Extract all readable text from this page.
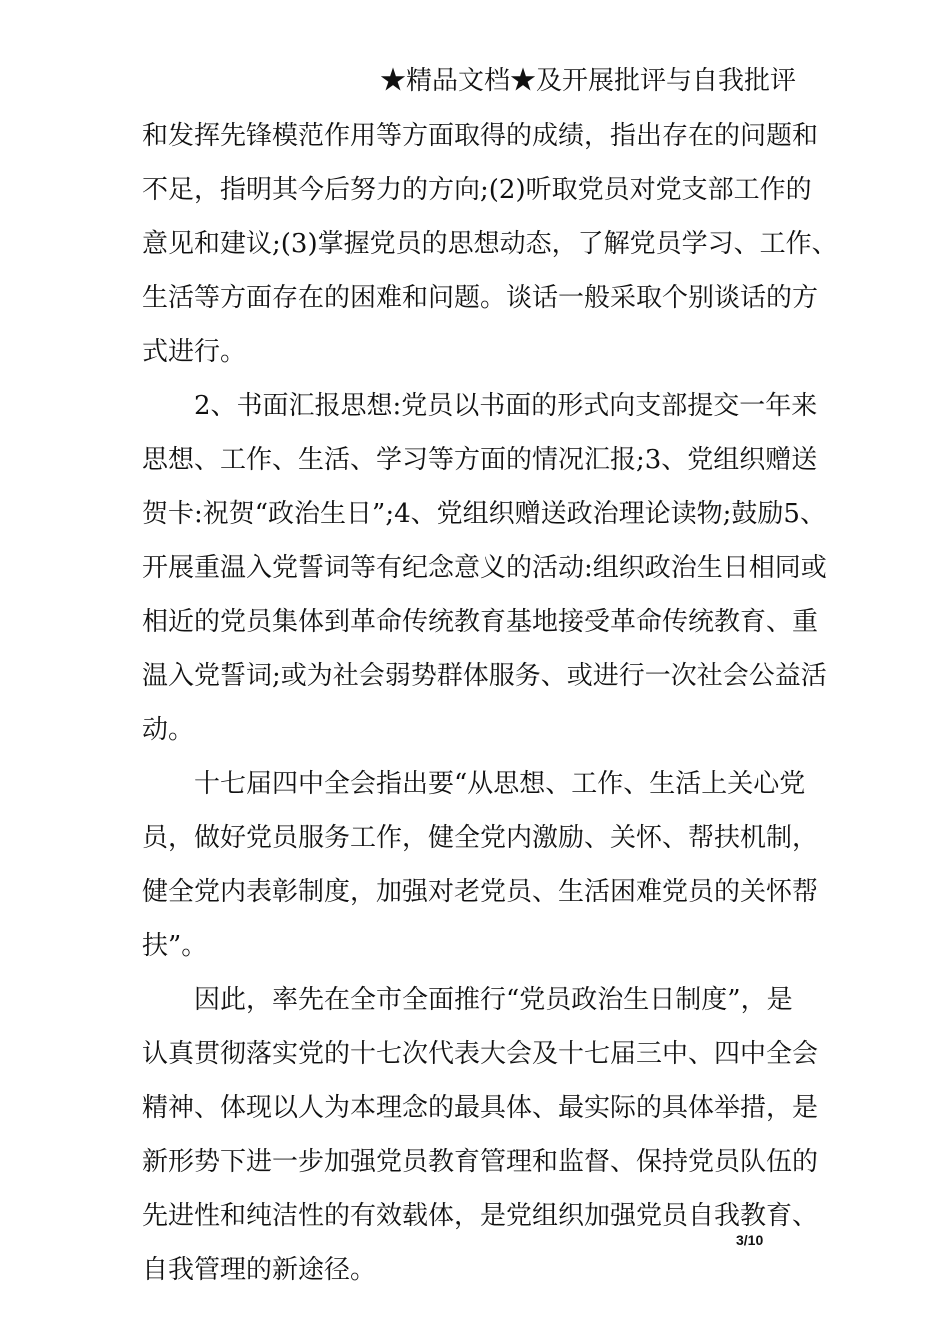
★精品文档★及开展批评与自我批评
和发挥先锋模范作用等方面取得的成绩，指出存在的问题和
不足，指明其今后努力的方向;(2)听取党员对党支部工作的
意见和建议;(3)掌握党员的思想动态，了解党员学习、工作、
生活等方面存在的困难和问题。谈话一般采取个别谈话的方
式进行。
2、书面汇报思想:党员以书面的形式向支部提交一年来
思想、工作、生活、学习等方面的情况汇报;3、党组织赠送
贺卡:祝贺“政治生日”;4、党组织赠送政治理论读物;鼓励5、
开展重温入党誓词等有纪念意义的活动:组织政治生日相同或
相近的党员集体到革命传统教育基地接受革命传统教育、重
温入党誓词;或为社会弱势群体服务、或进行一次社会公益活
动。
十七届四中全会指出要“从思想、工作、生活上关心党
员，做好党员服务工作，健全党内激励、关怀、帮扶机制，
健全党内表彰制度，加强对老党员、生活困难党员的关怀帮
扶”。
因此，率先在全市全面推行“党员政治生日制度”，是
认真贯彻落实党的十七次代表大会及十七届三中、四中全会
精神、体现以人为本理念的最具体、最实际的具体举措，是
新形势下进一步加强党员教育管理和监督、保持党员队伍的
先进性和纯洁性的有效载体，是党组织加强党员自我教育、
自我管理的新途径。
3/10
